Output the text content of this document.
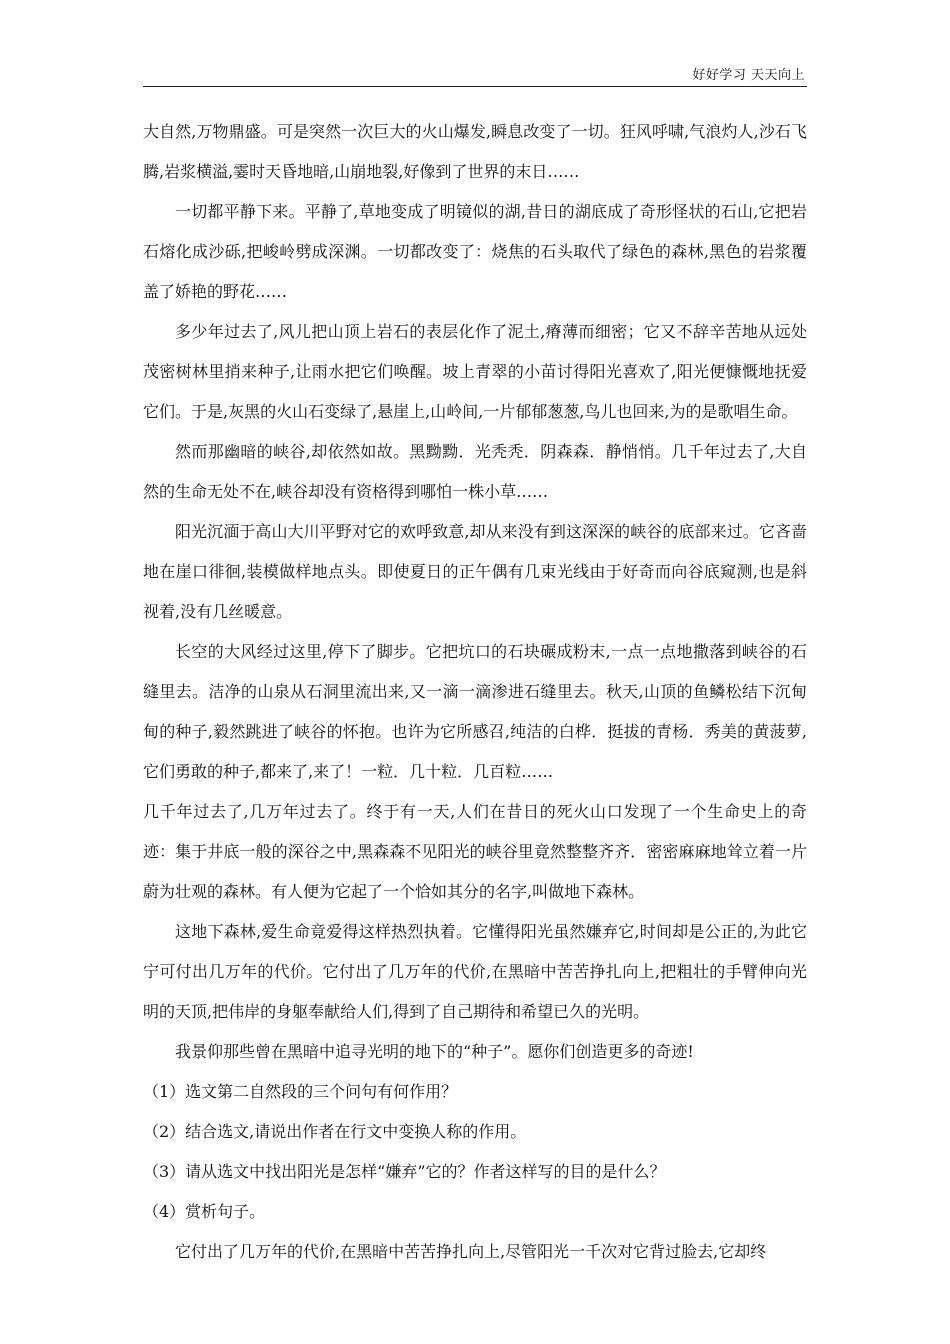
好好学习 天天向上

大自然,万物鼎盛。可是突然一次巨大的火山爆发,瞬息改变了一切。狂风呼啸,气浪灼人,沙石飞腾,岩浆横溢,霎时天昏地暗,山崩地裂,好像到了世界的末日……

一切都平静下来。平静了,草地变成了明镜似的湖,昔日的湖底成了奇形怪状的石山,它把岩石熔化成沙砾,把峻岭劈成深渊。一切都改变了：烧焦的石头取代了绿色的森林,黑色的岩浆覆盖了娇艳的野花……

多少年过去了,风儿把山顶上岩石的表层化作了泥土,瘠薄而细密；它又不辞辛苦地从远处茂密树林里捎来种子,让雨水把它们唤醒。坡上青翠的小苗讨得阳光喜欢了,阳光便慷慨地抚爱它们。于是,灰黑的火山石变绿了,悬崖上,山岭间,一片郁郁葱葱,鸟儿也回来,为的是歌唱生命。

然而那幽暗的峡谷,却依然如故。黑黝黝．光秃秃．阴森森．静悄悄。几千年过去了,大自然的生命无处不在,峡谷却没有资格得到哪怕一株小草……

阳光沉湎于高山大川平野对它的欢呼致意,却从来没有到这深深的峡谷的底部来过。它吝啬地在崖口徘徊,装模做样地点头。即使夏日的正午偶有几束光线由于好奇而向谷底窥测,也是斜视着,没有几丝暖意。

长空的大风经过这里,停下了脚步。它把坑口的石块碾成粉末,一点一点地撒落到峡谷的石缝里去。洁净的山泉从石洞里流出来,又一滴一滴渗进石缝里去。秋天,山顶的鱼鳞松结下沉甸甸的种子,毅然跳进了峡谷的怀抱。也许为它所感召,纯洁的白桦．挺拔的青杨．秀美的黄菠萝,它们勇敢的种子,都来了,来了！一粒．几十粒．几百粒……

几千年过去了,几万年过去了。终于有一天,人们在昔日的死火山口发现了一个生命史上的奇迹：集于井底一般的深谷之中,黑森森不见阳光的峡谷里竟然整整齐齐．密密麻麻地耸立着一片蔚为壮观的森林。有人便为它起了一个恰如其分的名字,叫做地下森林。

这地下森林,爱生命竟爱得这样热烈执着。它懂得阳光虽然嫌弃它,时间却是公正的,为此它宁可付出几万年的代价。它付出了几万年的代价,在黑暗中苦苦挣扎向上,把粗壮的手臂伸向光明的天顶,把伟岸的身躯奉献给人们,得到了自己期待和希望已久的光明。

我景仰那些曾在黑暗中追寻光明的地下的“种子”。愿你们创造更多的奇迹!

（1）选文第二自然段的三个问句有何作用？

（2）结合选文,请说出作者在行文中变换人称的作用。

（3）请从选文中找出阳光是怎样“嫌弃”它的？作者这样写的目的是什么？

（4）赏析句子。

它付出了几万年的代价,在黑暗中苦苦挣扎向上,尽管阳光一千次对它背过脸去,它却终
